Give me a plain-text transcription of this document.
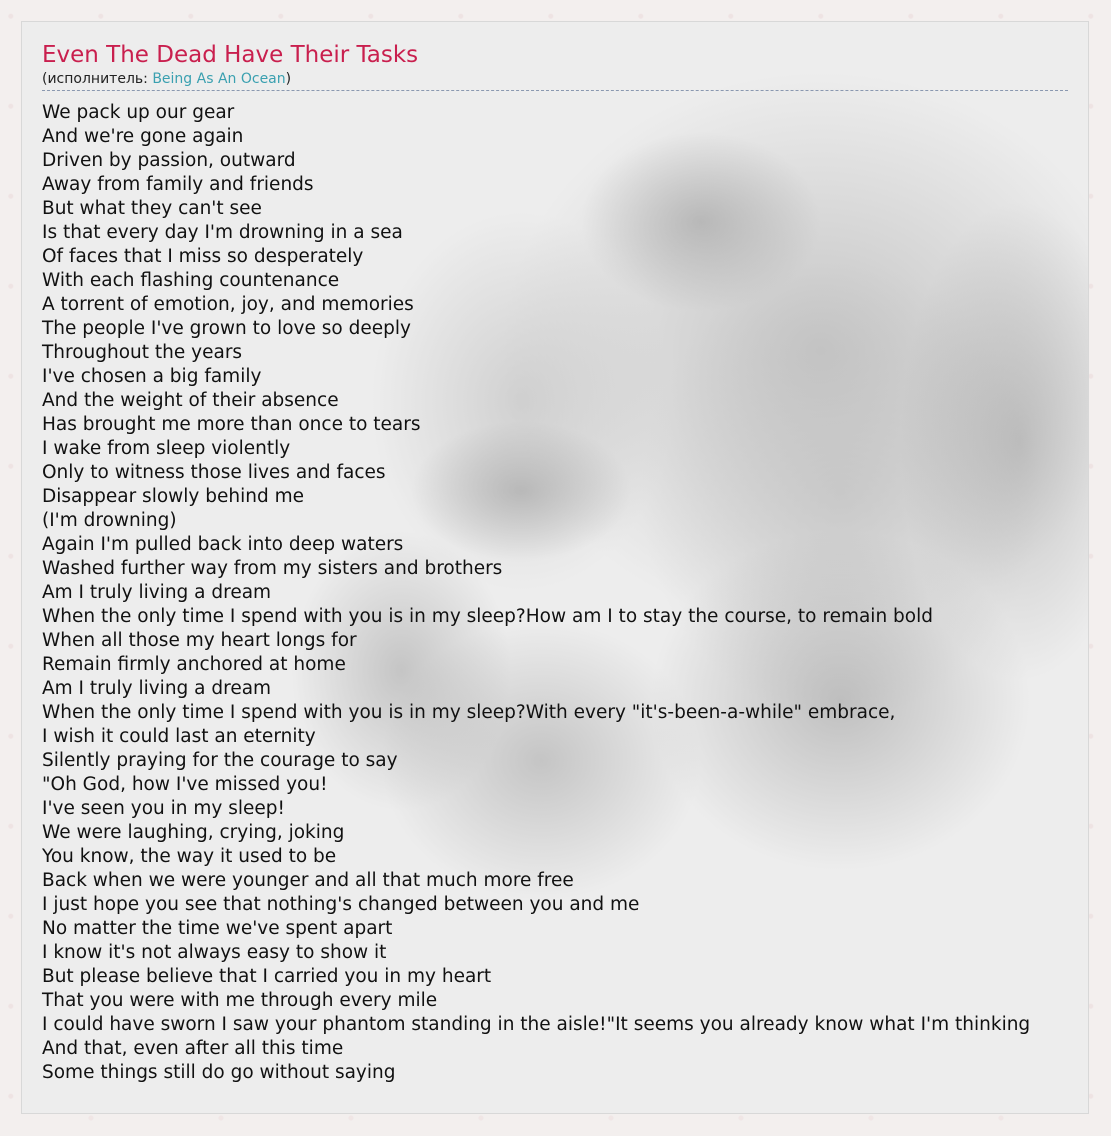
Even The Dead Have Their Tasks
(исполнитель: Being As An Ocean)
We pack up our gear
And we're gone again
Driven by passion, outward
Away from family and friends
But what they can't see
Is that every day I'm drowning in a sea
Of faces that I miss so desperately
With each flashing countenance
A torrent of emotion, joy, and memories
The people I've grown to love so deeply
Throughout the years
I've chosen a big family
And the weight of their absence
Has brought me more than once to tears
I wake from sleep violently
Only to witness those lives and faces
Disappear slowly behind me
(I'm drowning)
Again I'm pulled back into deep waters
Washed further way from my sisters and brothers
Am I truly living a dream
When the only time I spend with you is in my sleep?How am I to stay the course, to remain bold
When all those my heart longs for
Remain firmly anchored at home
Am I truly living a dream
When the only time I spend with you is in my sleep?With every "it's-been-a-while" embrace,
I wish it could last an eternity
Silently praying for the courage to say
"Oh God, how I've missed you!
I've seen you in my sleep!
We were laughing, crying, joking
You know, the way it used to be
Back when we were younger and all that much more free
I just hope you see that nothing's changed between you and me
No matter the time we've spent apart
I know it's not always easy to show it
But please believe that I carried you in my heart
That you were with me through every mile
I could have sworn I saw your phantom standing in the aisle!"It seems you already know what I'm thinking
And that, even after all this time
Some things still do go without saying
